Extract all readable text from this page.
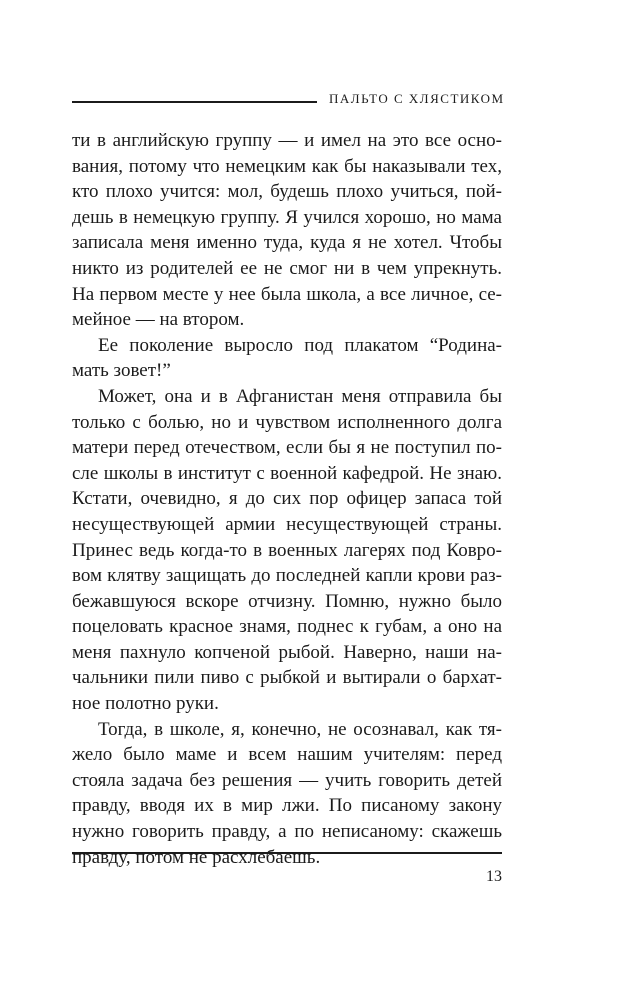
ПАЛЬТО С ХЛЯСТИКОМ
ти в английскую группу — и имел на это все осно-
вания, потому что немецким как бы наказывали тех,
кто плохо учится: мол, будешь плохо учиться, пой-
дешь в немецкую группу. Я учился хорошо, но мама
записала меня именно туда, куда я не хотел. Чтобы
никто из родителей ее не смог ни в чем упрекнуть.
На первом месте у нее была школа, а все личное, се-
мейное — на втором.
Ее поколение выросло под плакатом “Родина-
мать зовет!”
Может, она и в Афганистан меня отправила бы
только с болью, но и чувством исполненного долга
матери перед отечеством, если бы я не поступил по-
сле школы в институт с военной кафедрой. Не знаю.
Кстати, очевидно, я до сих пор офицер запаса той
несуществующей армии несуществующей страны.
Принес ведь когда-то в военных лагерях под Ковро-
вом клятву защищать до последней капли крови раз-
бежавшуюся вскоре отчизну. Помню, нужно было
поцеловать красное знамя, поднес к губам, а оно на
меня пахнуло копченой рыбой. Наверно, наши на-
чальники пили пиво с рыбкой и вытирали о бархат-
ное полотно руки.
Тогда, в школе, я, конечно, не осознавал, как тя-
жело было маме и всем нашим учителям: перед
стояла задача без решения — учить говорить детей
правду, вводя их в мир лжи. По писаному закону
нужно говорить правду, а по неписаному: скажешь
правду, потом не расхлебаешь.
13
